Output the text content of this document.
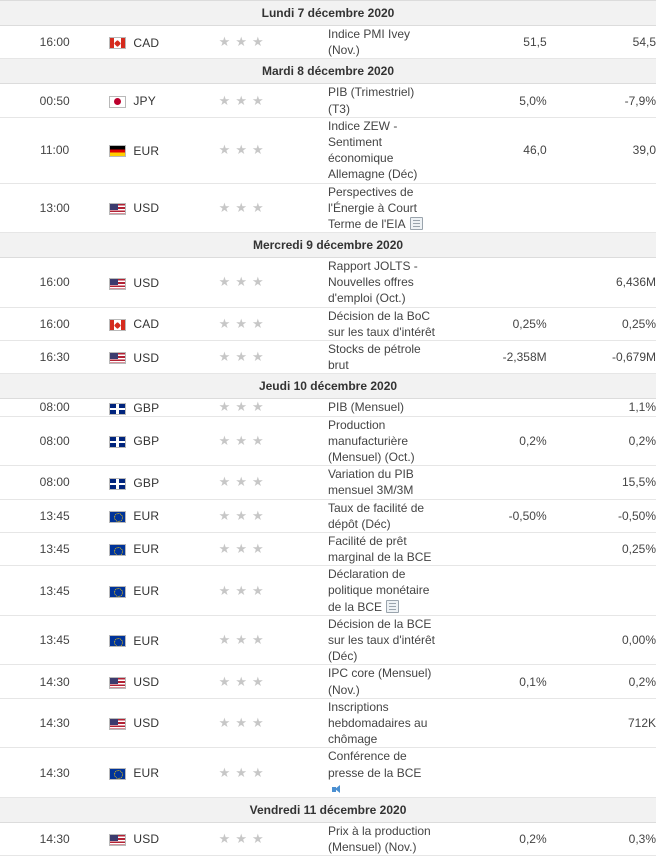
Lundi 7 décembre 2020					
16:00	CAD	★ ★ ★	Indice PMI Ivey (Nov.)	51,5	54,5
Mardi 8 décembre 2020					
00:50	JPY	★ ★ ★	PIB (Trimestriel) (T3)	5,0%	-7,9%
11:00	EUR	★ ★ ★	Indice ZEW - Sentiment économique Allemagne (Déc)	46,0	39,0
13:00	USD	★ ★ ★	Perspectives de l'Énergie à Court Terme de l'EIA		
Mercredi 9 décembre 2020					
16:00	USD	★ ★ ★	Rapport JOLTS - Nouvelles offres d'emploi (Oct.)		6,436M
16:00	CAD	★ ★ ★	Décision de la BoC sur les taux d'intérêt	0,25%	0,25%
16:30	USD	★ ★ ★	Stocks de pétrole brut	-2,358M	-0,679M
Jeudi 10 décembre 2020					
08:00	GBP	★ ★ ★	PIB (Mensuel)		1,1%
08:00	GBP	★ ★ ★	Production manufacturière (Mensuel) (Oct.)	0,2%	0,2%
08:00	GBP	★ ★ ★	Variation du PIB mensuel 3M/3M		15,5%
13:45	EUR	★ ★ ★	Taux de facilité de dépôt (Déc)	-0,50%	-0,50%
13:45	EUR	★ ★ ★	Facilité de prêt marginal de la BCE		0,25%
13:45	EUR	★ ★ ★	Déclaration de politique monétaire de la BCE		
13:45	EUR	★ ★ ★	Décision de la BCE sur les taux d'intérêt (Déc)		0,00%
14:30	USD	★ ★ ★	IPC core (Mensuel) (Nov.)	0,1%	0,2%
14:30	USD	★ ★ ★	Inscriptions hebdomadaires au chômage		712K
14:30	EUR	★ ★ ★	Conférence de presse de la BCE		
Vendredi 11 décembre 2020					
14:30	USD	★ ★ ★	Prix à la production (Mensuel) (Nov.)	0,2%	0,3%
